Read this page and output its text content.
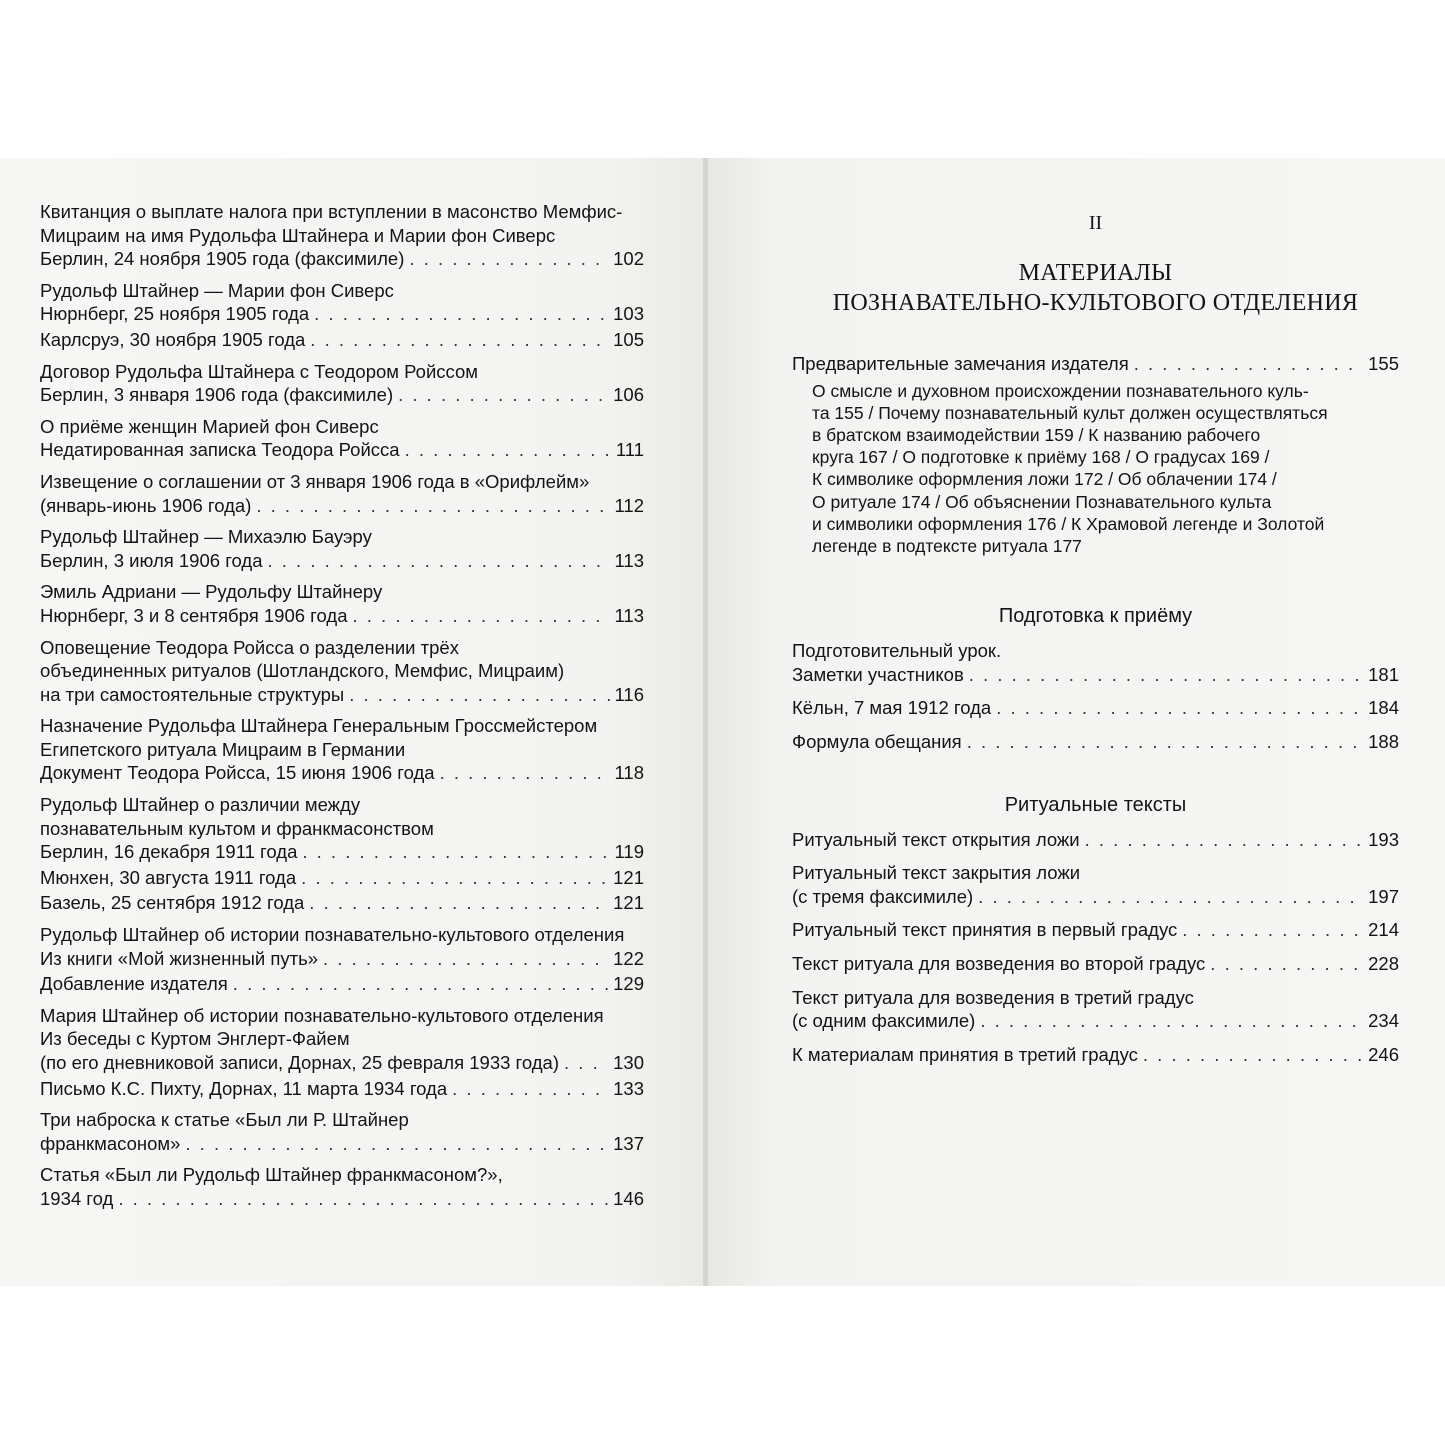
Квитанция о выплате налога при вступлении в масонство Мемфис-
Мицраим на имя Рудольфа Штайнера и Марии фон Сиверс
Берлин, 24 ноября 1905 года (факсимиле) . . .	102
Рудольф Штайнер — Марии фон Сиверс
Нюрнберг, 25 ноября 1905 года . . .	103
Карлсруэ, 30 ноября 1905 года . . .	105
Договор Рудольфа Штайнера с Теодором Ройссом
Берлин, 3 января 1906 года (факсимиле) . . .	106
О приёме женщин Марией фон Сиверс
Недатированная записка Теодора Ройсса . . .	111
Извещение о соглашении от 3 января 1906 года в «Орифлейм»
(январь-июнь 1906 года) . . .	112
Рудольф Штайнер — Михаэлю Бауэру
Берлин, 3 июля 1906 года . . .	113
Эмиль Адриани — Рудольфу Штайнеру
Нюрнберг, 3 и 8 сентября 1906 года . . .	113
Оповещение Теодора Ройсса о разделении трёх
объединенных ритуалов (Шотландского, Мемфис, Мицраим)
на три самостоятельные структуры . . .	116
Назначение Рудольфа Штайнера Генеральным Гроссмейстером
Египетского ритуала Мицраим в Германии
Документ Теодора Ройсса, 15 июня 1906 года . . .	118
Рудольф Штайнер о различии между
познавательным культом и франкмасонством
Берлин, 16 декабря 1911 года . . .	119
Мюнхен, 30 августа 1911 года . . .	121
Базель, 25 сентября 1912 года . . .	121
Рудольф Штайнер об истории познавательно-культового отделения
Из книги «Мой жизненный путь» . . .	122
Добавление издателя . . .	129
Мария Штайнер об истории познавательно-культового отделения
Из беседы с Куртом Энглерт-Файем
(по его дневниковой записи, Дорнах, 25 февраля 1933 года) . . .	130
Письмо К.С. Пихту, Дорнах, 11 марта 1934 года . . .	133
Три наброска к статье «Был ли Р. Штайнер
франкмасоном» . . .	137
Статья «Был ли Рудольф Штайнер франкмасоном?»,
1934 год . . .	146
II
МАТЕРИАЛЫ
ПОЗНАВАТЕЛЬНО-КУЛЬТОВОГО ОТДЕЛЕНИЯ
Предварительные замечания издателя . . .	155

О смысле и духовном происхождении познавательного куль-

та 155 / Почему познавательный культ должен осуществляться

в братском взаимодействии 159 / К названию рабочего

круга 167 / О подготовке к приёму 168 / О градусах 169 /

К символике оформления ложи 172 / Об облачении 174 /

О ритуале 174 / Об объяснении Познавательного культа

и символики оформления 176 / К Храмовой легенде и Золотой

легенде в подтексте ритуала 177

Подготовка к приёму
Подготовительный урок.
Заметки участников . . .	181
Кёльн, 7 мая 1912 года . . .	184
Формула обещания . . .	188
Ритуальные тексты
Ритуальный текст открытия ложи . . .	193
Ритуальный текст закрытия ложи
(с тремя факсимиле) . . .	197
Ритуальный текст принятия в первый градус . . .	214
Текст ритуала для возведения во второй градус . . .	228
Текст ритуала для возведения в третий градус
(с одним факсимиле) . . .	234
К материалам принятия в третий градус . . .	246
